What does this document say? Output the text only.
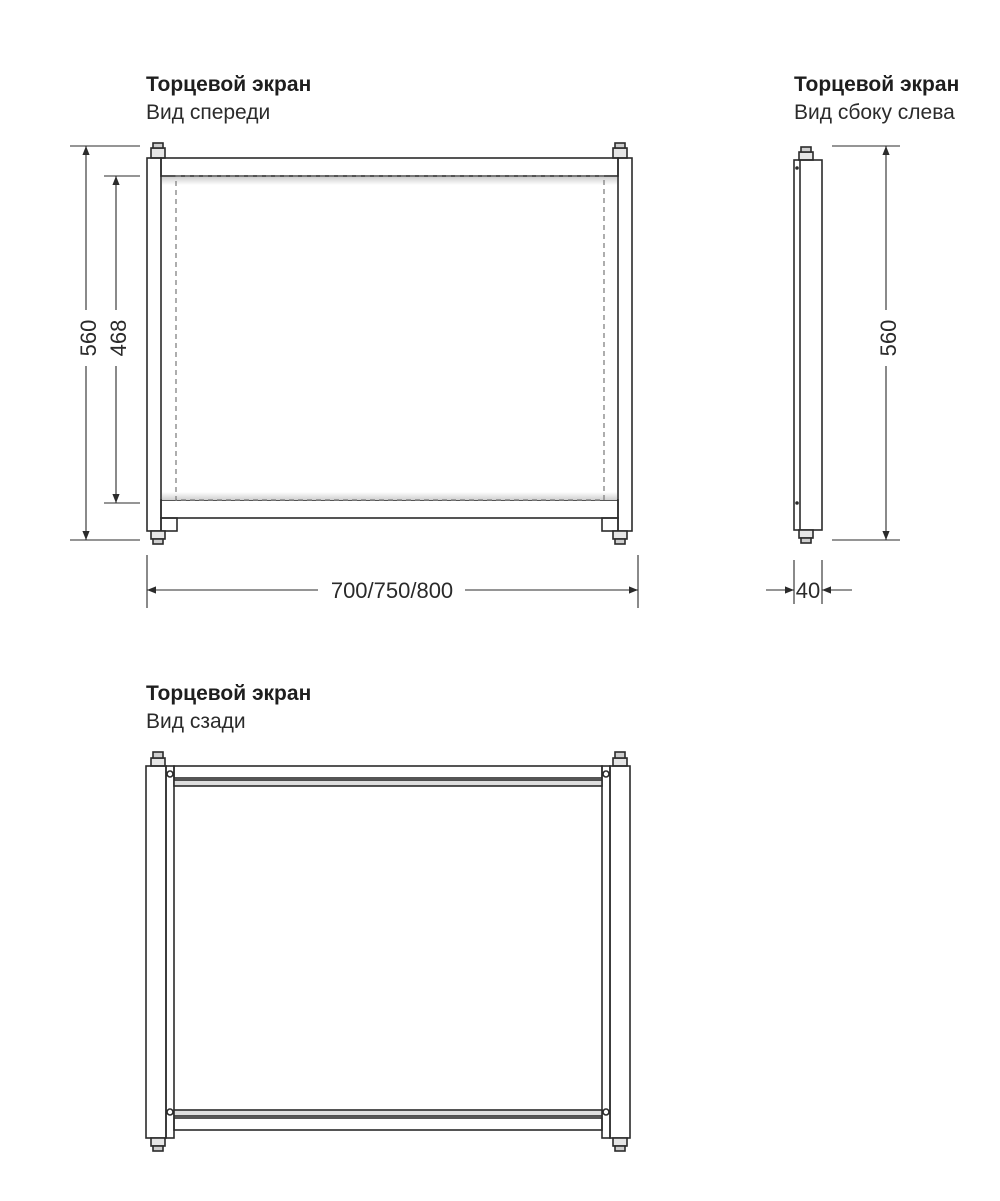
Торцевой экран
Вид спереди
Торцевой экран
Вид сбоку слева
Торцевой экран
Вид сзади
560 468
700/750/800
560
40
